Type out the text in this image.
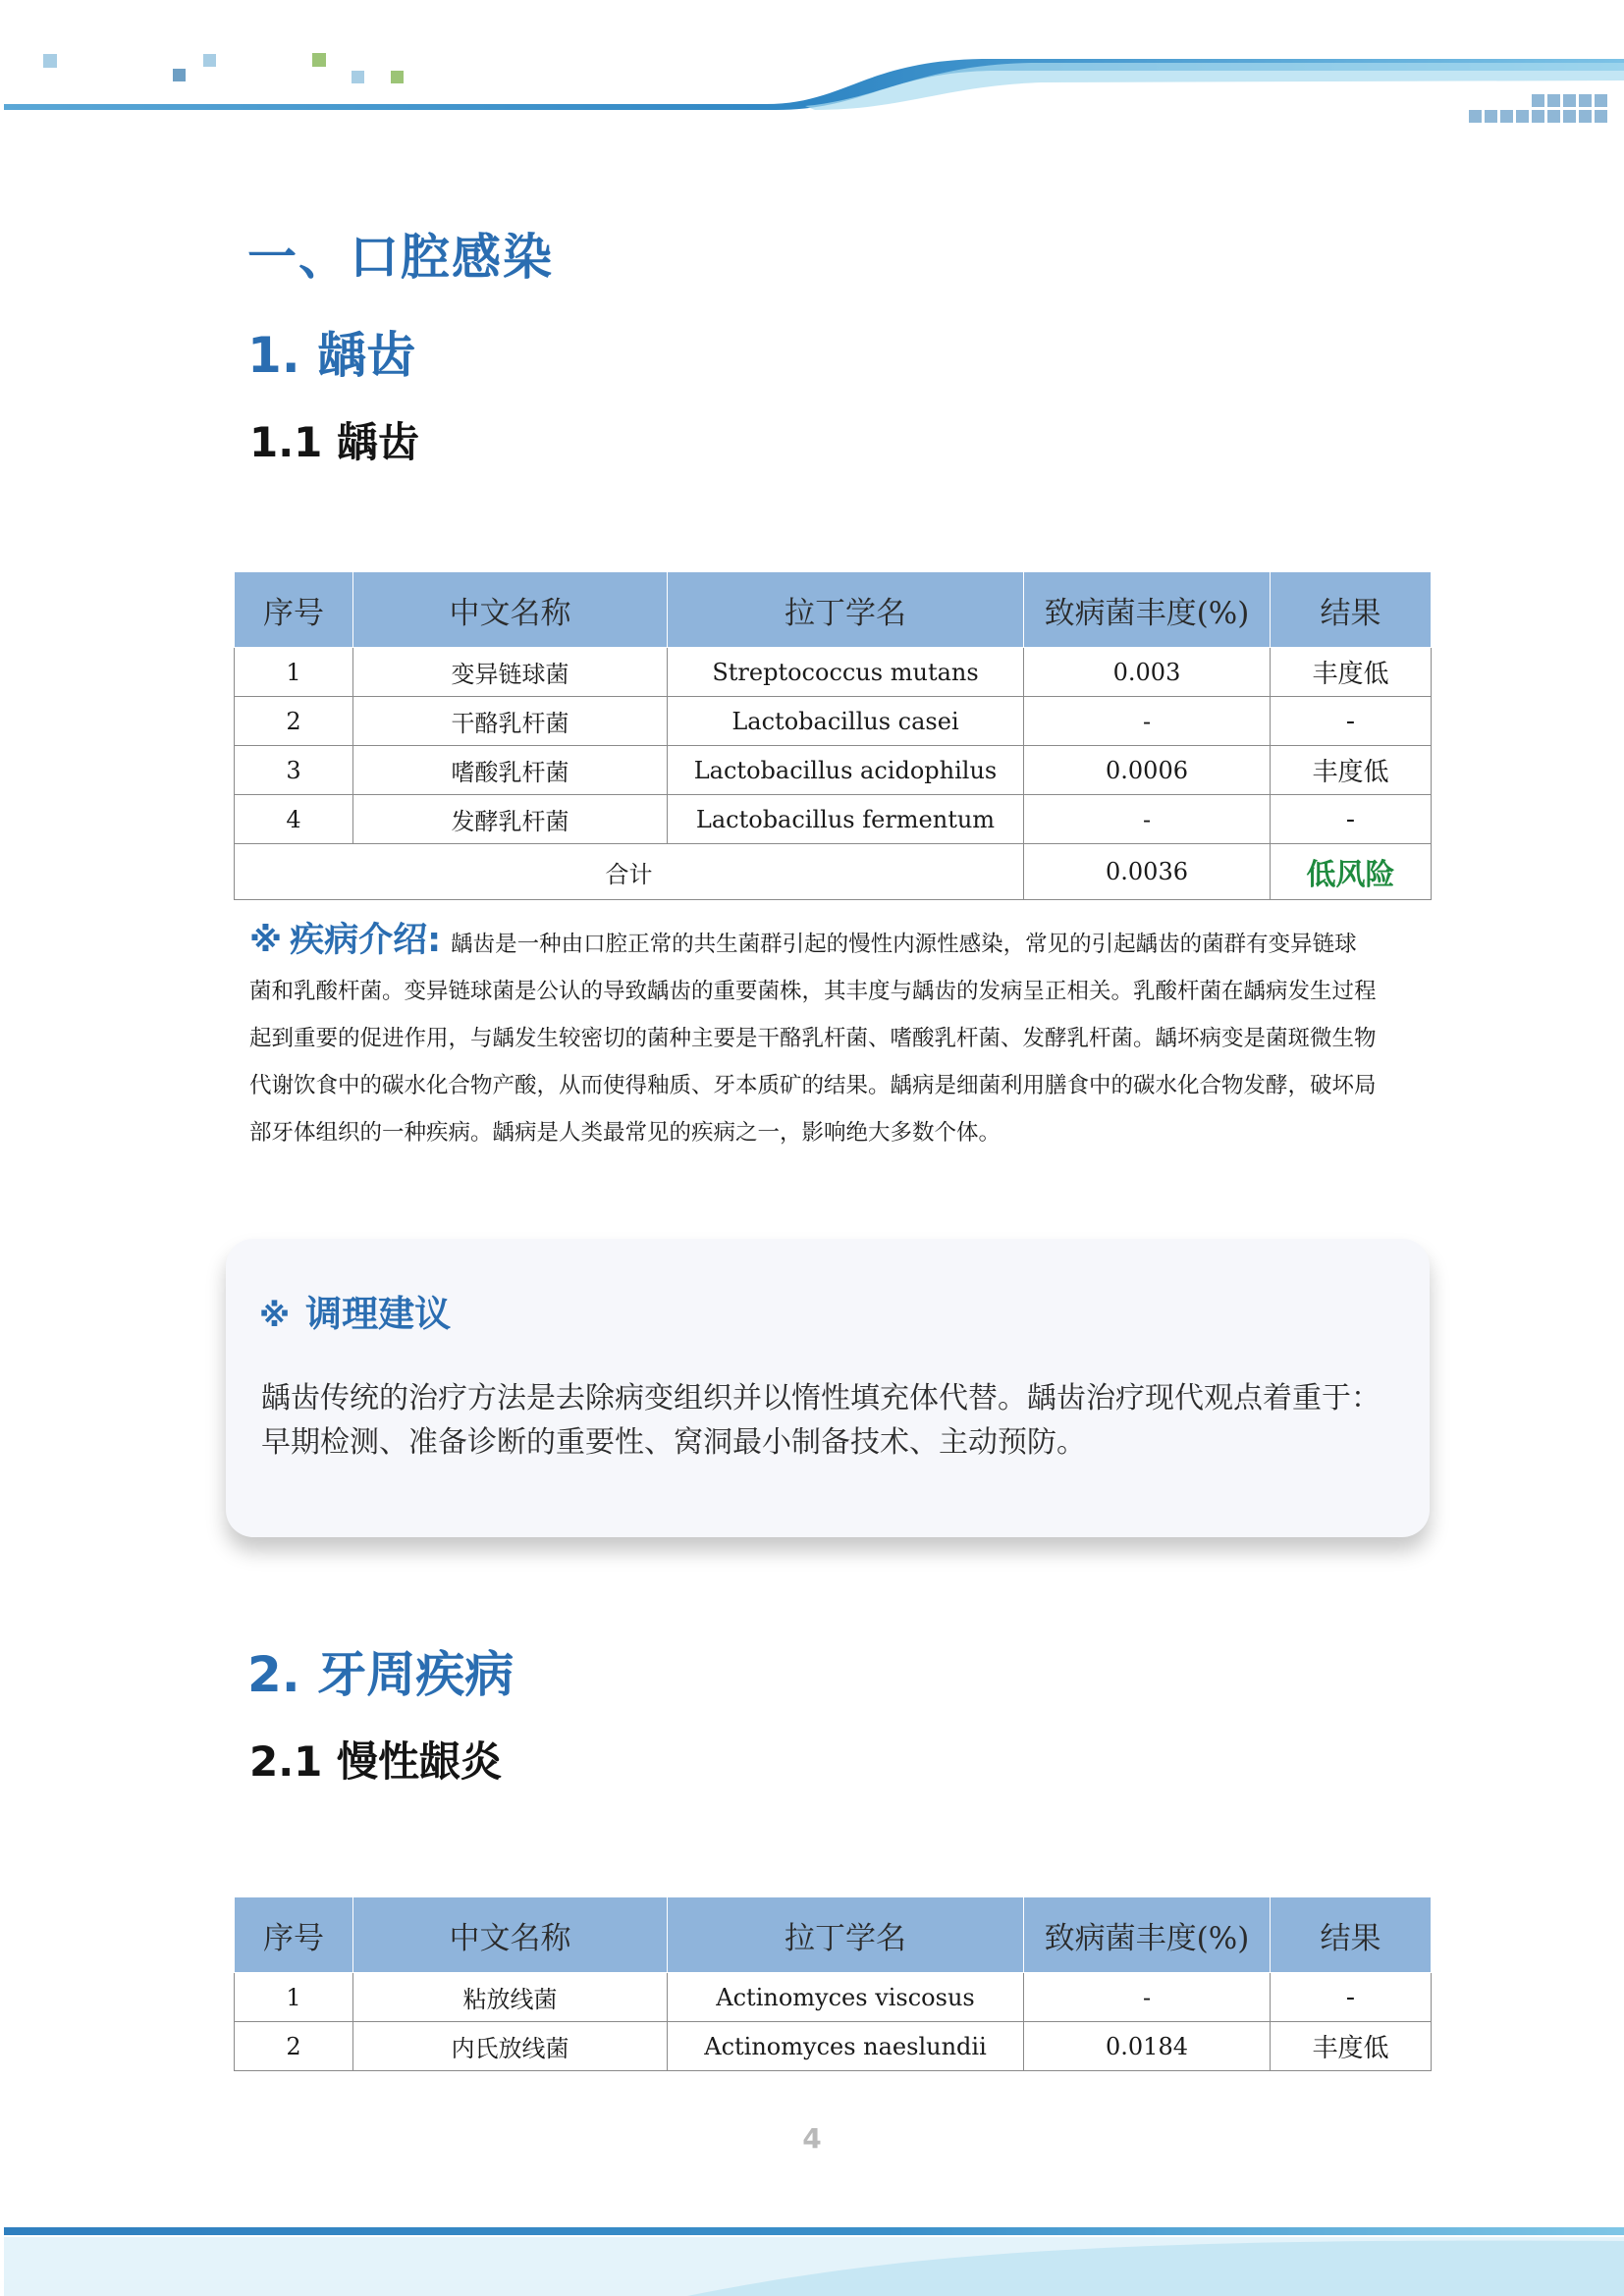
一、口腔感染
1. 龋齿
1.1 龋齿
序号	中文名称	拉丁学名	致病菌丰度(%)	结果
1	变异链球菌	Streptococcus mutans	0.003	丰度低
2	干酪乳杆菌	Lactobacillus casei	-	-
3	嗜酸乳杆菌	Lactobacillus acidophilus	0.0006	丰度低
4	发酵乳杆菌	Lactobacillus fermentum	-	-
合计			0.0036	低风险

※ 疾病介绍: 龋齿是一种由口腔正常的共生菌群引起的慢性内源性感染，常见的引起龋齿的菌群有变异链球菌和乳酸杆菌。变异链球菌是公认的导致龋齿的重要菌株，其丰度与龋齿的发病呈正相关。乳酸杆菌在龋病发生过程起到重要的促进作用，与龋发生较密切的菌种主要是干酪乳杆菌、嗜酸乳杆菌、发酵乳杆菌。龋坏病变是菌斑微生物代谢饮食中的碳水化合物产酸，从而使得釉质、牙本质矿的结果。龋病是细菌利用膳食中的碳水化合物发酵，破坏局部牙体组织的一种疾病。龋病是人类最常见的疾病之一，影响绝大多数个体。

※ 调理建议

龋齿传统的治疗方法是去除病变组织并以惰性填充体代替。龋齿治疗现代观点着重于：早期检测、准备诊断的重要性、窝洞最小制备技术、主动预防。

2. 牙周疾病
2.1 慢性龈炎
序号	中文名称	拉丁学名	致病菌丰度(%)	结果
1	粘放线菌	Actinomyces viscosus	-	-
2	内氏放线菌	Actinomyces naeslundii	0.0184	丰度低
4
